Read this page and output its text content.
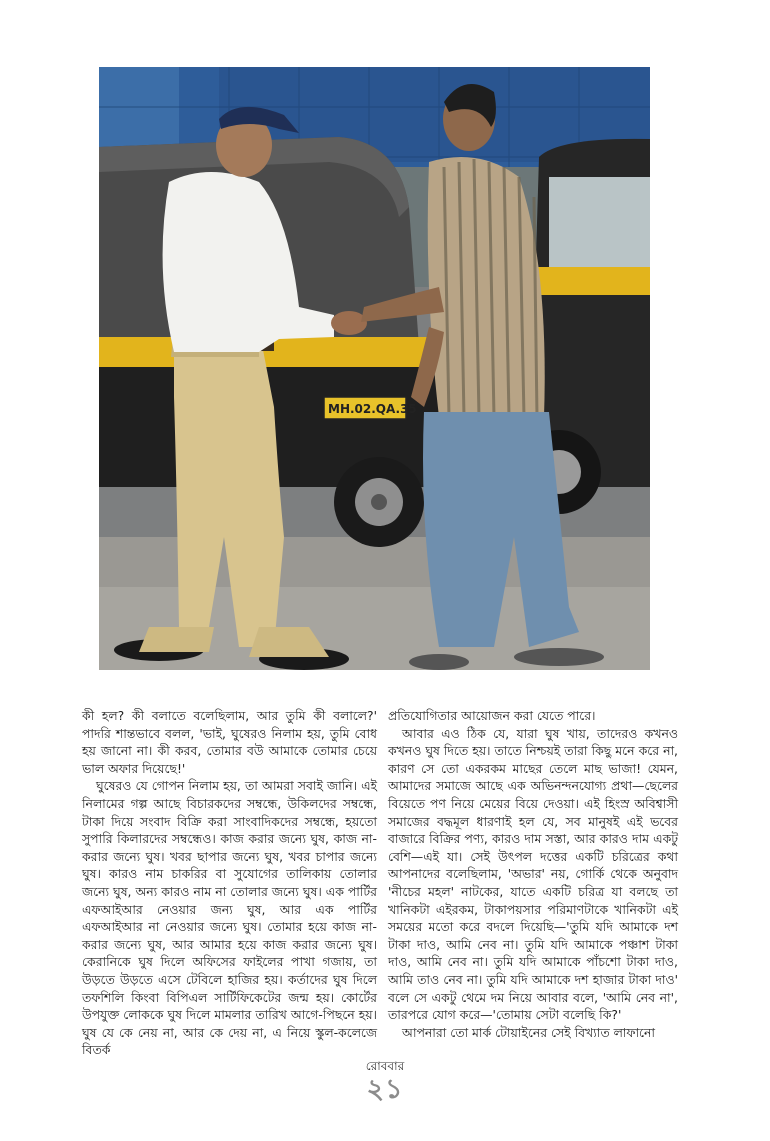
MH.02.QA.35

কী হল? কী বলাতে বলেছিলাম, আর তুমি কী বলালে?' পাদরি শান্তভাবে বলল, 'ভাই, ঘুষেরও নিলাম হয়, তুমি বোধ হয় জানো না। কী করব, তোমার বউ আমাকে তোমার চেয়ে ভাল অফার দিয়েছে!'

ঘুষেরও যে গোপন নিলাম হয়, তা আমরা সবাই জানি। এই নিলামের গল্প আছে বিচারকদের সম্বন্ধে, উকিলদের সম্বন্ধে, টাকা দিয়ে সংবাদ বিক্রি করা সাংবাদিকদের সম্বন্ধে, হয়তো সুপারি কিলারদের সম্বন্ধেও। কাজ করার জন্যে ঘুষ, কাজ না-করার জন্যে ঘুষ। খবর ছাপার জন্যে ঘুষ, খবর চাপার জন্যে ঘুষ। কারও নাম চাকরির বা সুযোগের তালিকায় তোলার জন্যে ঘুষ, অন্য কারও নাম না তোলার জন্যে ঘুষ। এক পার্টির এফআইআর নেওয়ার জন্য ঘুষ, আর এক পার্টির এফআইআর না নেওয়ার জন্যে ঘুষ। তোমার হয়ে কাজ না-করার জন্যে ঘুষ, আর আমার হয়ে কাজ করার জন্যে ঘুষ। কেরানিকে ঘুষ দিলে অফিসের ফাইলের পাখা গজায়, তা উড়তে উড়তে এসে টেবিলে হাজির হয়। কর্তাদের ঘুষ দিলে তফশিলি কিংবা বিপিএল সার্টিফিকেটের জন্ম হয়। কোর্টের উপযুক্ত লোককে ঘুষ দিলে মামলার তারিখ আগে-পিছনে হয়। ঘুষ যে কে নেয় না, আর কে দেয় না, এ নিয়ে স্কুল-কলেজে বিতর্ক

প্রতিযোগিতার আয়োজন করা যেতে পারে।

আবার এও ঠিক যে, যারা ঘুষ খায়, তাদেরও কখনও কখনও ঘুষ দিতে হয়। তাতে নিশ্চয়ই তারা কিছু মনে করে না, কারণ সে তো একরকম মাছের তেলে মাছ ভাজা! যেমন, আমাদের সমাজে আছে এক অভিনন্দনযোগ্য প্রথা—ছেলের বিয়েতে পণ নিয়ে মেয়ের বিয়ে দেওয়া। এই হিংস্র অবিশ্বাসী সমাজের বদ্ধমূল ধারণাই হল যে, সব মানুষই এই ভবের বাজারে বিক্রির পণ্য, কারও দাম সস্তা, আর কারও দাম একটু বেশি—এই যা। সেই উৎপল দত্তের একটি চরিত্রের কথা আপনাদের বলেছিলাম, 'অভার' নয়, গোর্কি থেকে অনুবাদ 'নীচের মহল' নাটকের, যাতে একটি চরিত্র যা বলছে তা খানিকটা এইরকম, টাকাপয়সার পরিমাণটাকে খানিকটা এই সময়ের মতো করে বদলে দিয়েছি—'তুমি যদি আমাকে দশ টাকা দাও, আমি নেব না। তুমি যদি আমাকে পঞ্চাশ টাকা দাও, আমি নেব না। তুমি যদি আমাকে পাঁচশো টাকা দাও, আমি তাও নেব না। তুমি যদি আমাকে দশ হাজার টাকা দাও' বলে সে একটু থেমে দম নিয়ে আবার বলে, 'আমি নেব না', তারপরে যোগ করে—'তোমায় সেটা বলেছি কি?'

আপনারা তো মার্ক টোয়াইনের সেই বিখ্যাত লাফানো

রোববার
২১
